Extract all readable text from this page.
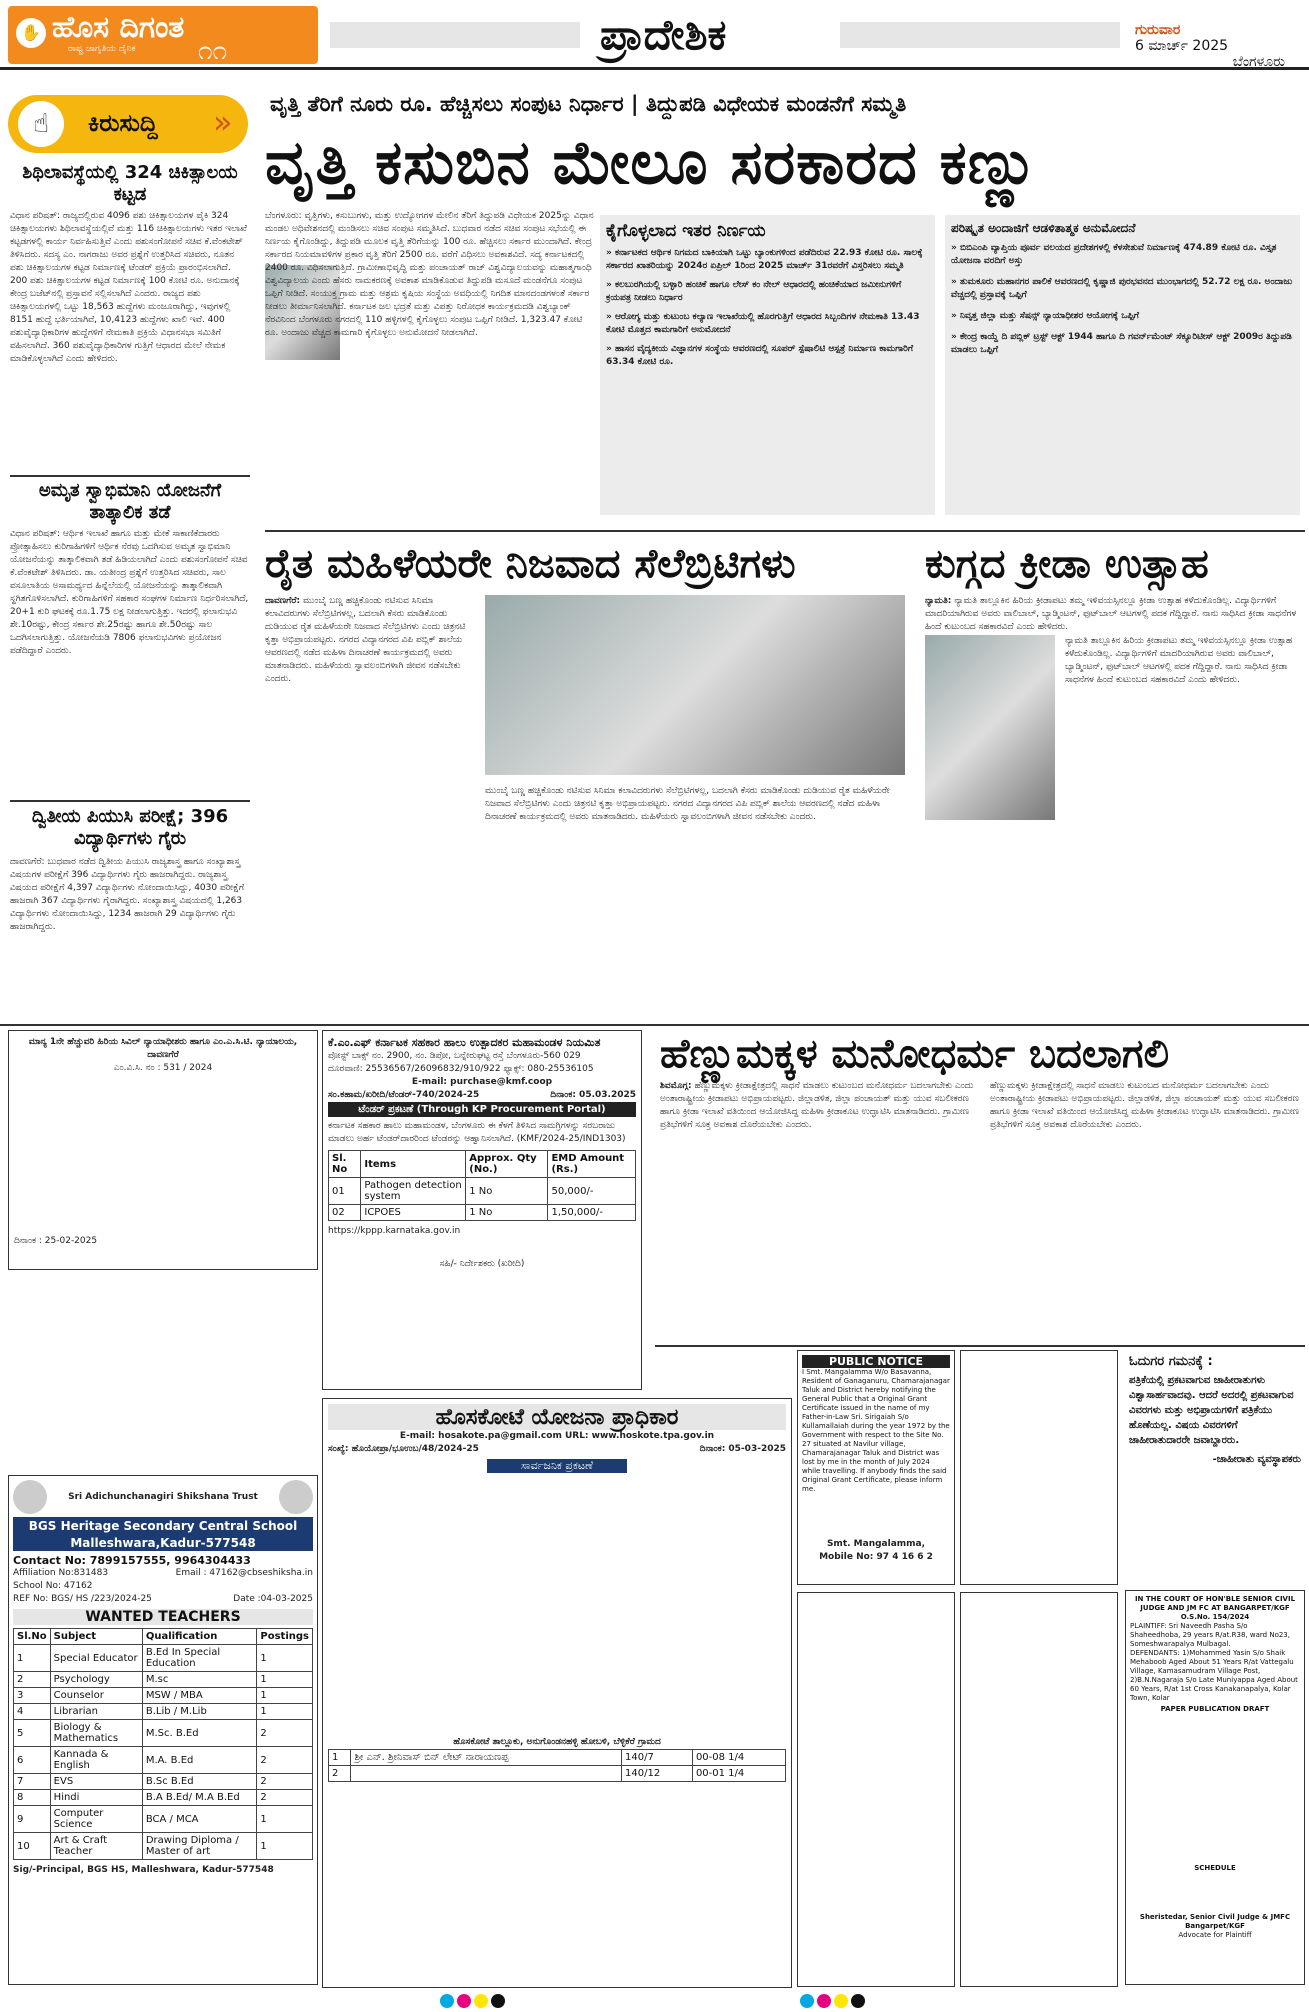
✋ ಹೊಸ ದಿಗಂತ
ರಾಷ್ಟ್ರ ಜಾಗೃತಿಯ ದೈನಿಕ ೧೧	ಪ್ರಾದೇಶಿಕ	ಗುರುವಾರ
6 ಮಾರ್ಚ್ 2025
ಬೆಂಗಳೂರು
☝	ಕಿರುಸುದ್ದಿ »
ಶಿಥಿಲಾವಸ್ಥೆಯಲ್ಲಿ 324 ಚಿಕಿತ್ಸಾಲಯ ಕಟ್ಟಡ
ವಿಧಾನ ಪರಿಷತ್: ರಾಜ್ಯದಲ್ಲಿರುವ 4096 ಪಶು ಚಿಕಿತ್ಸಾಲಯಗಳ ಪೈಕಿ 324 ಚಿಕಿತ್ಸಾಲಯಗಳು ಶಿಥಿಲಾವಸ್ಥೆಯಲ್ಲಿವೆ ಮತ್ತು 116 ಚಿಕಿತ್ಸಾಲಯಗಳು ಇತರ ಇಲಾಖೆ ಕಟ್ಟಡಗಳಲ್ಲಿ ಕಾರ್ಯ ನಿರ್ವಹಿಸುತ್ತಿವೆ ಎಂದು ಪಶುಸಂಗೋಪನೆ ಸಚಿವ ಕೆ.ವೆಂಕಟೇಶ್ ತಿಳಿಸಿದರು. ಸದಸ್ಯ ಎಂ. ನಾಗರಾಜು ಅವರ ಪ್ರಶ್ನೆಗೆ ಉತ್ತರಿಸಿದ ಸಚಿವರು, ನೂತನ ಪಶು ಚಿಕಿತ್ಸಾಲಯಗಳ ಕಟ್ಟಡ ನಿರ್ಮಾಣಕ್ಕೆ ಟೆಂಡರ್ ಪ್ರಕ್ರಿಯೆ ಪ್ರಾರಂಭಿಸಲಾಗಿದೆ. 200 ಪಶು ಚಿಕಿತ್ಸಾಲಯಗಳ ಕಟ್ಟಡ ನಿರ್ಮಾಣಕ್ಕೆ 100 ಕೋಟಿ ರೂ. ಅನುದಾನಕ್ಕೆ ಕೇಂದ್ರ ಬಜೆಟ್‌ನಲ್ಲಿ ಪ್ರಸ್ತಾವನೆ ಸಲ್ಲಿಸಲಾಗಿದೆ ಎಂದರು. ರಾಜ್ಯದ ಪಶು ಚಿಕಿತ್ಸಾಲಯಗಳಲ್ಲಿ ಒಟ್ಟು 18,563 ಹುದ್ದೆಗಳು ಮಂಜೂರಾಗಿದ್ದು, ಇವುಗಳಲ್ಲಿ 8151 ಹುದ್ದೆ ಭರ್ತಿಯಾಗಿವೆ, 10,4123 ಹುದ್ದೆಗಳು ಖಾಲಿ ಇವೆ. 400 ಪಶುವೈದ್ಯಾಧಿಕಾರಿಗಳ ಹುದ್ದೆಗಳಿಗೆ ನೇಮಕಾತಿ ಪ್ರಕ್ರಿಯೆ ವಿಧಾನಸಭಾ ಸಮಿತಿಗೆ ವಹಿಸಲಾಗಿದೆ. 360 ಪಶುವೈದ್ಯಾಧಿಕಾರಿಗಳ ಗುತ್ತಿಗೆ ಆಧಾರದ ಮೇಲೆ ನೇಮಕ ಮಾಡಿಕೊಳ್ಳಲಾಗಿದೆ ಎಂದು ಹೇಳಿದರು.
ಅಮೃತ ಸ್ವಾಭಿಮಾನಿ ಯೋಜನೆಗೆ ತಾತ್ಕಾಲಿಕ ತಡೆ
ವಿಧಾನ ಪರಿಷತ್: ಆರ್ಥಿಕ ಇಲಾಖೆ ಹಾಗೂ ಮತ್ತು ಮೇಕೆ ಸಾಕಾಣಿಕೆದಾರರು ಪ್ರೋತ್ಸಾಹಿಸಲು ಕುರಿಗಾಹಿಗಳಿಗೆ ಆರ್ಥಿಕ ನೆರವು ಒದಗಿಸುವ ಅಮೃತ ಸ್ವಾಭಿಮಾನಿ ಯೋಜನೆಯನ್ನು ತಾತ್ಕಾಲಿಕವಾಗಿ ತಡೆ ಹಿಡಿಯಲಾಗಿದೆ ಎಂದು ಪಶುಸಂಗೋಪನೆ ಸಚಿವ ಕೆ.ವೆಂಕಟೇಶ್ ತಿಳಿಸಿದರು. ಡಾ. ಯತೀಂದ್ರ ಪ್ರಶ್ನೆಗೆ ಉತ್ತರಿಸಿದ ಸಚಿವರು, ಸಾಲ ವಸೂಲಾತಿಯ ಅಸಾಮರ್ಥ್ಯದ ಹಿನ್ನೆಲೆಯಲ್ಲಿ ಯೋಜನೆಯನ್ನು ತಾತ್ಕಾಲಿಕವಾಗಿ ಸ್ಥಗಿತಗೊಳಿಸಲಾಗಿದೆ. ಕುರಿಗಾಹಿಗಳಿಗೆ ಸಹಕಾರ ಸಂಘಗಳ ನಿರ್ಮಾಣ ನಿರ್ಧರಿಸಲಾಗಿದೆ, 20+1 ಕುರಿ ಘಟಕಕ್ಕೆ ರೂ.1.75 ಲಕ್ಷ ನೀಡಲಾಗುತ್ತಿತ್ತು. ಇದರಲ್ಲಿ ಫಲಾನುಭವಿ ಶೇ.10ರಷ್ಟು, ಕೇಂದ್ರ ಸರ್ಕಾರ ಶೇ.25ರಷ್ಟು ಹಾಗೂ ಶೇ.50ರಷ್ಟು ಸಾಲ ಒದಗಿಸಲಾಗುತ್ತಿತ್ತು. ಯೋಜನೆಯಡಿ 7806 ಫಲಾನುಭವಿಗಳು ಪ್ರಯೋಜನ ಪಡೆದಿದ್ದಾರೆ ಎಂದರು.
ದ್ವಿತೀಯ ಪಿಯುಸಿ ಪರೀಕ್ಷೆ; 396 ವಿದ್ಯಾರ್ಥಿಗಳು ಗೈರು
ದಾವಣಗೆರೆ: ಬುಧವಾರ ನಡೆದ ದ್ವಿತೀಯ ಪಿಯುಸಿ ರಾಜ್ಯಶಾಸ್ತ್ರ ಹಾಗೂ ಸಂಖ್ಯಾಶಾಸ್ತ್ರ ವಿಷಯಗಳ ಪರೀಕ್ಷೆಗೆ 396 ವಿದ್ಯಾರ್ಥಿಗಳು ಗೈರು ಹಾಜರಾಗಿದ್ದರು. ರಾಜ್ಯಶಾಸ್ತ್ರ ವಿಷಯದ ಪರೀಕ್ಷೆಗೆ 4,397 ವಿದ್ಯಾರ್ಥಿಗಳು ನೋಂದಾಯಿಸಿದ್ದು, 4030 ಪರೀಕ್ಷೆಗೆ ಹಾಜರಾಗಿ 367 ವಿದ್ಯಾರ್ಥಿಗಳು ಗೈರಾಗಿದ್ದರು. ಸಂಖ್ಯಾಶಾಸ್ತ್ರ ವಿಷಯದಲ್ಲಿ 1,263 ವಿದ್ಯಾರ್ಥಿಗಳು ನೋಂದಾಯಿಸಿದ್ದು, 1234 ಹಾಜರಾಗಿ 29 ವಿದ್ಯಾರ್ಥಿಗಳು ಗೈರು ಹಾಜರಾಗಿದ್ದರು.
ವೃತ್ತಿ ತೆರಿಗೆ ನೂರು ರೂ. ಹೆಚ್ಚಿಸಲು ಸಂಪುಟ ನಿರ್ಧಾರ | ತಿದ್ದುಪಡಿ ವಿಧೇಯಕ ಮಂಡನೆಗೆ ಸಮ್ಮತಿ
ವೃತ್ತಿ ಕಸುಬಿನ ಮೇಲೂ ಸರಕಾರದ ಕಣ್ಣು
ಬೆಂಗಳೂರು: ವೃತ್ತಿಗಳು, ಕಸುಬುಗಳು, ಮತ್ತು ಉದ್ಯೋಗಗಳ ಮೇಲಿನ ತೆರಿಗೆ ತಿದ್ದುಪಡಿ ವಿಧೇಯಕ 2025ನ್ನು ವಿಧಾನ ಮಂಡಲ ಅಧಿವೇಶನದಲ್ಲಿ ಮಂಡಿಸಲು ಸಚಿವ ಸಂಪುಟ ಸಮ್ಮತಿಸಿದೆ. ಬುಧವಾರ ನಡೆದ ಸಚಿವ ಸಂಪುಟ ಸಭೆಯಲ್ಲಿ ಈ ನಿರ್ಣಯ ಕೈಗೊಂಡಿದ್ದು, ತಿದ್ದುಪಡಿ ಮೂಲಕ ವೃತ್ತಿ ತೆರಿಗೆಯನ್ನು 100 ರೂ. ಹೆಚ್ಚಿಸಲು ಸರ್ಕಾರ ಮುಂದಾಗಿದೆ. ಕೇಂದ್ರ ಸರ್ಕಾರದ ನಿಯಮಾವಳಿಗಳ ಪ್ರಕಾರ ವೃತ್ತಿ ತೆರಿಗೆ 2500 ರೂ. ವರೆಗೆ ವಿಧಿಸಲು ಅವಕಾಶವಿದೆ. ಸದ್ಯ ಕರ್ನಾಟಕದಲ್ಲಿ 2400 ರೂ. ವಿಧಿಸಲಾಗುತ್ತಿದೆ. ಗ್ರಾಮೀಣಾಭಿವೃದ್ಧಿ ಮತ್ತು ಪಂಚಾಯತ್ ರಾಜ್ ವಿಶ್ವವಿದ್ಯಾಲಯವನ್ನು ಮಹಾತ್ಮಗಾಂಧಿ ವಿಶ್ವವಿದ್ಯಾಲಯ ಎಂದು ಹೆಸರು ನಾಮಕರಣಕ್ಕೆ ಅವಕಾಶ ಮಾಡಿಕೊಡುವ ತಿದ್ದುಪಡಿ ಮಸೂದೆ ಮಂಡನೆಗೂ ಸಂಪುಟ ಒಪ್ಪಿಗೆ ನೀಡಿದೆ. ಸಂಯುಕ್ತ ಗ್ರಾಮ ಮತ್ತು ಆಶ್ರಮ ಕೃಷಿಯ ಸಂಸ್ಥೆಯ ಅವಧಿಯಲ್ಲಿ ನಿಗದಿತ ಮಾನದಂಡಗಳಂತೆ ಸರ್ಕಾರ ನೀಡಲು ತೀರ್ಮಾನಿಸಲಾಗಿದೆ. ಕರ್ನಾಟಕ ಜಲ ಭದ್ರತೆ ಮತ್ತು ವಿಪತ್ತು ನಿರೋಧಕ ಕಾರ್ಯಕ್ರಮದಡಿ ವಿಶ್ವಬ್ಯಾಂಕ್ ನೆರವಿನಿಂದ ಬೆಂಗಳೂರು ನಗರದಲ್ಲಿ 110 ಹಳ್ಳಿಗಳಲ್ಲಿ ಕೈಗೊಳ್ಳಲು ಸಂಪುಟ ಒಪ್ಪಿಗೆ ನೀಡಿದೆ. 1,323.47 ಕೋಟಿ ರೂ. ಅಂದಾಜು ವೆಚ್ಚದ ಕಾಮಗಾರಿ ಕೈಗೊಳ್ಳಲು ಅನುಮೋದನೆ ನೀಡಲಾಗಿದೆ.
ಕೈಗೊಳ್ಳಲಾದ ಇತರ ನಿರ್ಣಯ
» ಕರ್ನಾಟಕದ ಆರ್ಥಿಕ ನಿಗಮದ ಬಾಕಿಯಾಗಿ ಒಟ್ಟು ಬ್ಯಾಂಕುಗಳಿಂದ ಪಡೆದಿರುವ 22.93 ಕೋಟಿ ರೂ. ಸಾಲಕ್ಕೆ ಸರ್ಕಾರದ ಖಾತರಿಯನ್ನು 2024ರ ಏಪ್ರಿಲ್ 1ರಿಂದ 2025 ಮಾರ್ಚ್ 31ರವರೆಗೆ ವಿಸ್ತರಿಸಲು ಸಮ್ಮತಿ
» ಕಲಬುರಗಿಯಲ್ಲಿ ಬಳ್ಳಾರಿ ಹಂಚಿಕೆ ಹಾಗೂ ಲೇಸ್ ಕಂ ನೇಲ್ ಆಧಾರದಲ್ಲಿ ಹಂಚಿಕೆಯಾದ ಜಮೀನುಗಳಿಗೆ ಕ್ರಯಪತ್ರ ನೀಡಲು ನಿರ್ಧಾರ
» ಆರೋಗ್ಯ ಮತ್ತು ಕುಟುಂಬ ಕಲ್ಯಾಣ ಇಲಾಖೆಯಲ್ಲಿ ಹೊರಗುತ್ತಿಗೆ ಆಧಾರದ ಸಿಬ್ಬಂದಿಗಳ ನೇಮಕಾತಿ 13.43 ಕೋಟಿ ಮೊತ್ತದ ಕಾಮಗಾರಿಗೆ ಅನುಮೋದನೆ
» ಹಾಸನ ವೈದ್ಯಕೀಯ ವಿಜ್ಞಾನಗಳ ಸಂಸ್ಥೆಯ ಆವರಣದಲ್ಲಿ ಸೂಪರ್ ಸ್ಪೆಷಾಲಿಟಿ ಆಸ್ಪತ್ರೆ ನಿರ್ಮಾಣ ಕಾಮಗಾರಿಗೆ 63.34 ಕೋಟಿ ರೂ.
ಪರಿಷ್ಕೃತ ಅಂದಾಜಿಗೆ ಆಡಳಿತಾತ್ಮಕ ಅನುಮೋದನೆ
» ಬಿಬಿಎಂಪಿ ವ್ಯಾಪ್ತಿಯ ಪೂರ್ವ ವಲಯದ ಪ್ರದೇಶಗಳಲ್ಲಿ ಕೆಳಸೇತುವೆ ನಿರ್ಮಾಣಕ್ಕೆ 474.89 ಕೋಟಿ ರೂ. ವಿಸ್ತೃತ ಯೋಜನಾ ವರದಿಗೆ ಅಸ್ತು
» ತುಮಕೂರು ಮಹಾನಗರ ಪಾಲಿಕೆ ಆವರಣದಲ್ಲಿ ಕೃಷ್ಣಾಜಿ ಪುರಭವನದ ಮುಂಭಾಗದಲ್ಲಿ 52.72 ಲಕ್ಷ ರೂ. ಅಂದಾಜು ವೆಚ್ಚದಲ್ಲಿ ಪ್ರಸ್ತಾವಕ್ಕೆ ಒಪ್ಪಿಗೆ
» ನಿವೃತ್ತ ಜಿಲ್ಲಾ ಮತ್ತು ಸೆಷನ್ಸ್ ನ್ಯಾಯಾಧೀಶರ ಆಯೋಗಕ್ಕೆ ಒಪ್ಪಿಗೆ
» ಕೇಂದ್ರ ಕಾಯ್ದೆ ದಿ ಪಬ್ಲಿಕ್ ಟ್ರಸ್ಟ್ ಆಕ್ಟ್ 1944 ಹಾಗೂ ದಿ ಗವರ್ನ್‌ಮೆಂಟ್ ಸೆಕ್ಯೂರಿಟೀಸ್ ಆಕ್ಟ್ 2009ರ ತಿದ್ದುಪಡಿ ಮಾಡಲು ಒಪ್ಪಿಗೆ
ರೈತ ಮಹಿಳೆಯರೇ ನಿಜವಾದ ಸೆಲೆಬ್ರಿಟಿಗಳು
ದಾವಣಗೆರೆ: ಮುಂಬೈ ಬಣ್ಣ ಹಚ್ಚಿಕೊಂಡು ನಟಿಸುವ ಸಿನಿಮಾ ಕಲಾವಿದರುಗಳು ಸೆಲೆಬ್ರಿಟಿಗಳಲ್ಲ, ಬದಲಾಗಿ ಕೆಸರು ಮಾಡಿಕೊಂಡು ದುಡಿಯುವ ರೈತ ಮಹಿಳೆಯರೇ ನಿಜವಾದ ಸೆಲೆಬ್ರಿಟಿಗಳು ಎಂದು ಚಿತ್ರನಟಿ ಕೃತ್ತಾ ಅಭಿಪ್ರಾಯಪಟ್ಟರು. ನಗರದ ವಿದ್ಯಾನಗರದ ವಿಪಿ ಪಬ್ಲಿಕ್ ಶಾಲೆಯ ಆವರಣದಲ್ಲಿ ನಡೆದ ಮಹಿಳಾ ದಿನಾಚರಣೆ ಕಾರ್ಯಕ್ರಮದಲ್ಲಿ ಅವರು ಮಾತನಾಡಿದರು. ಮಹಿಳೆಯರು ಸ್ವಾವಲಂಬಿಗಳಾಗಿ ಜೀವನ ನಡೆಸಬೇಕು ಎಂದರು.
ಮುಂಬೈ ಬಣ್ಣ ಹಚ್ಚಿಕೊಂಡು ನಟಿಸುವ ಸಿನಿಮಾ ಕಲಾವಿದರುಗಳು ಸೆಲೆಬ್ರಿಟಿಗಳಲ್ಲ, ಬದಲಾಗಿ ಕೆಸರು ಮಾಡಿಕೊಂಡು ದುಡಿಯುವ ರೈತ ಮಹಿಳೆಯರೇ ನಿಜವಾದ ಸೆಲೆಬ್ರಿಟಿಗಳು ಎಂದು ಚಿತ್ರನಟಿ ಕೃತ್ತಾ ಅಭಿಪ್ರಾಯಪಟ್ಟರು. ನಗರದ ವಿದ್ಯಾನಗರದ ವಿಪಿ ಪಬ್ಲಿಕ್ ಶಾಲೆಯ ಆವರಣದಲ್ಲಿ ನಡೆದ ಮಹಿಳಾ ದಿನಾಚರಣೆ ಕಾರ್ಯಕ್ರಮದಲ್ಲಿ ಅವರು ಮಾತನಾಡಿದರು. ಮಹಿಳೆಯರು ಸ್ವಾವಲಂಬಿಗಳಾಗಿ ಜೀವನ ನಡೆಸಬೇಕು ಎಂದರು.
ಕುಗ್ಗದ ಕ್ರೀಡಾ ಉತ್ಸಾಹ
ನ್ಯಾಮತಿ: ನ್ಯಾಮತಿ ತಾಲ್ಲೂಕಿನ ಹಿರಿಯ ಕ್ರೀಡಾಪಟು ತಮ್ಮ ಇಳಿವಯಸ್ಸಿನಲ್ಲೂ ಕ್ರೀಡಾ ಉತ್ಸಾಹ ಕಳೆದುಕೊಂಡಿಲ್ಲ. ವಿದ್ಯಾರ್ಥಿಗಳಿಗೆ ಮಾದರಿಯಾಗಿರುವ ಅವರು ವಾಲಿಬಾಲ್, ಬ್ಯಾಡ್ಮಿಂಟನ್, ಫುಟ್‌ಬಾಲ್ ಆಟಗಳಲ್ಲಿ ಪದಕ ಗೆದ್ದಿದ್ದಾರೆ. ನಾನು ಸಾಧಿಸಿದ ಕ್ರೀಡಾ ಸಾಧನೆಗಳ ಹಿಂದೆ ಕುಟುಂಬದ ಸಹಕಾರವಿದೆ ಎಂದು ಹೇಳಿದರು.
ನ್ಯಾಮತಿ ತಾಲ್ಲೂಕಿನ ಹಿರಿಯ ಕ್ರೀಡಾಪಟು ತಮ್ಮ ಇಳಿವಯಸ್ಸಿನಲ್ಲೂ ಕ್ರೀಡಾ ಉತ್ಸಾಹ ಕಳೆದುಕೊಂಡಿಲ್ಲ. ವಿದ್ಯಾರ್ಥಿಗಳಿಗೆ ಮಾದರಿಯಾಗಿರುವ ಅವರು ವಾಲಿಬಾಲ್, ಬ್ಯಾಡ್ಮಿಂಟನ್, ಫುಟ್‌ಬಾಲ್ ಆಟಗಳಲ್ಲಿ ಪದಕ ಗೆದ್ದಿದ್ದಾರೆ. ನಾನು ಸಾಧಿಸಿದ ಕ್ರೀಡಾ ಸಾಧನೆಗಳ ಹಿಂದೆ ಕುಟುಂಬದ ಸಹಕಾರವಿದೆ ಎಂದು ಹೇಳಿದರು.
ಮಾನ್ಯ 1ನೇ ಹೆಚ್ಚುವರಿ ಹಿರಿಯ ಸಿವಿಲ್ ನ್ಯಾಯಾಧೀಶರು ಹಾಗೂ ಎಂ.ಎ.ಸಿ.ಟಿ. ನ್ಯಾಯಾಲಯ, ದಾವಣಗೆರೆ
ಎಂ.ವಿ.ಸಿ. ನಂ : 531 / 2024
ದಿನಾಂಕ : 25-02-2025
ಕೆ.ಎಂ.ಎಫ್ ಕರ್ನಾಟಕ ಸಹಕಾರ ಹಾಲು ಉತ್ಪಾದಕರ ಮಹಾಮಂಡಳ ನಿಯಮಿತ
ಪೋಸ್ಟ್ ಬಾಕ್ಸ್ ನಂ. 2900, ನಂ. ಡಿಪೋ, ಬನ್ನೇರುಘಟ್ಟ ರಸ್ತೆ ಬೆಂಗಳೂರು-560 029
ದೂರವಾಣಿ: 25536567/26096832/910/922 ಫ್ಯಾಕ್ಸ್: 080-25536105
E-mail: purchase@kmf.coop
ಸಂ.ಕಹಾಮ/ಖರೀದಿ/ಟೆಂಡರ್-740/2024-25	ದಿನಾಂಕ: 05.03.2025
ಟೆಂಡರ್ ಪ್ರಕಟಣೆ (Through KP Procurement Portal)
ಕರ್ನಾಟಕ ಸಹಕಾರ ಹಾಲು ಮಹಾಮಂಡಳ, ಬೆಂಗಳೂರು ಈ ಕೆಳಗೆ ತಿಳಿಸಿದ ಸಾಮಗ್ರಿಗಳನ್ನು ಸರಬರಾಜು ಮಾಡಲು ಅರ್ಹ ಟೆಂಡರ್‌ದಾರರಿಂದ ಟೆಂಡರನ್ನು ಆಹ್ವಾನಿಸಲಾಗಿದೆ. (KMF/2024-25/IND1303)
Sl. No	Items	Approx. Qty (No.)	EMD Amount (Rs.)
01	Pathogen detection system	1 No	50,000/-
02	ICPOES	1 No	1,50,000/-
https://kppp.karnataka.gov.in
ಸಹಿ/- ನಿರ್ದೇಶಕರು (ಖರೀದಿ)
ಹೆಣ್ಣುಮಕ್ಕಳ ಮನೋಧರ್ಮ ಬದಲಾಗಲಿ
ಶಿವಮೊಗ್ಗ: ಹೆಣ್ಣುಮಕ್ಕಳು ಕ್ರೀಡಾಕ್ಷೇತ್ರದಲ್ಲಿ ಸಾಧನೆ ಮಾಡಲು ಕುಟುಂಬದ ಮನೋಧರ್ಮ ಬದಲಾಗಬೇಕು ಎಂದು ಅಂತಾರಾಷ್ಟ್ರೀಯ ಕ್ರೀಡಾಪಟು ಅಭಿಪ್ರಾಯಪಟ್ಟರು. ಜಿಲ್ಲಾಡಳಿತ, ಜಿಲ್ಲಾ ಪಂಚಾಯತ್ ಮತ್ತು ಯುವ ಸಬಲೀಕರಣ ಹಾಗೂ ಕ್ರೀಡಾ ಇಲಾಖೆ ವತಿಯಿಂದ ಆಯೋಜಿಸಿದ್ದ ಮಹಿಳಾ ಕ್ರೀಡಾಕೂಟ ಉದ್ಘಾಟಿಸಿ ಮಾತನಾಡಿದರು. ಗ್ರಾಮೀಣ ಪ್ರತಿಭೆಗಳಿಗೆ ಸೂಕ್ತ ಅವಕಾಶ ದೊರೆಯಬೇಕು ಎಂದರು.
ಹೆಣ್ಣುಮಕ್ಕಳು ಕ್ರೀಡಾಕ್ಷೇತ್ರದಲ್ಲಿ ಸಾಧನೆ ಮಾಡಲು ಕುಟುಂಬದ ಮನೋಧರ್ಮ ಬದಲಾಗಬೇಕು ಎಂದು ಅಂತಾರಾಷ್ಟ್ರೀಯ ಕ್ರೀಡಾಪಟು ಅಭಿಪ್ರಾಯಪಟ್ಟರು. ಜಿಲ್ಲಾಡಳಿತ, ಜಿಲ್ಲಾ ಪಂಚಾಯತ್ ಮತ್ತು ಯುವ ಸಬಲೀಕರಣ ಹಾಗೂ ಕ್ರೀಡಾ ಇಲಾಖೆ ವತಿಯಿಂದ ಆಯೋಜಿಸಿದ್ದ ಮಹಿಳಾ ಕ್ರೀಡಾಕೂಟ ಉದ್ಘಾಟಿಸಿ ಮಾತನಾಡಿದರು. ಗ್ರಾಮೀಣ ಪ್ರತಿಭೆಗಳಿಗೆ ಸೂಕ್ತ ಅವಕಾಶ ದೊರೆಯಬೇಕು ಎಂದರು.
Sri Adichunchanagiri Shikshana Trust
BGS Heritage Secondary Central School
Malleshwara,Kadur-577548
Contact No: 7899157555, 9964304433
Affiliation No:831483	Email : 47162@cbseshiksha.in
School No: 47162
REF No: BGS/ HS /223/2024-25	Date :04-03-2025
WANTED TEACHERS
Sl.No	Subject	Qualification	Postings
1	Special Educator	B.Ed In Special Education	1
2	Psychology	M.sc	1
3	Counselor	MSW / MBA	1
4	Librarian	B.Lib / M.Lib	1
5	Biology & Mathematics	M.Sc. B.Ed	2
6	Kannada & English	M.A. B.Ed	2
7	EVS	B.Sc B.Ed	2
8	Hindi	B.A B.Ed/ M.A B.Ed	2
9	Computer Science	BCA / MCA	1
10	Art & Craft Teacher	Drawing Diploma / Master of art	1
Sig/-Principal, BGS HS, Malleshwara, Kadur-577548
ಹೊಸಕೋಟೆ ಯೋಜನಾ ಪ್ರಾಧಿಕಾರ
E-mail: hosakote.pa@gmail.com URL: www.hoskote.tpa.gov.in
ಸಂಖ್ಯೆ: ಹೊಯೋಪ್ರಾ/ಭೂಉಬ/48/2024-25	ದಿನಾಂಕ: 05-03-2025
ಸಾರ್ವಜನಿಕ ಪ್ರಕಟಣೆ
ಹೊಸಕೋಟೆ ತಾಲ್ಲೂಕು, ಅನುಗೊಂಡನಹಳ್ಳಿ ಹೋಬಳಿ, ಬೆಳ್ಳಿಕೆರೆ ಗ್ರಾಮದ
1	ಶ್ರೀ ಎನ್. ಶ್ರೀನಿವಾಸ್ ಬಿನ್ ಲೇಟ್ ನಾರಾಯಣಪ್ಪ	140/7	00-08 1/4
2		140/12	00-01 1/4
PUBLIC NOTICE
I Smt. Mangalamma W/o Basavanna, Resident of Ganaganuru, Chamarajanagar Taluk and District hereby notifying the General Public that a Original Grant Certificate issued in the name of my Father-in-Law Sri. Sirigaiah S/o Kullamallaiah during the year 1972 by the Government with respect to the Site No. 27 situated at Navilur village, Chamarajanagar Taluk and District was lost by me in the month of July 2024 while travelling. If anybody finds the said Original Grant Certificate, please inform me.
Smt. Mangalamma,
Mobile No: 97 4 16 6 2
ಓದುಗರ ಗಮನಕ್ಕೆ :
ಪತ್ರಿಕೆಯಲ್ಲಿ ಪ್ರಕಟವಾಗುವ ಜಾಹೀರಾತುಗಳು ವಿಶ್ವಾಸಾರ್ಹವಾದವು. ಆದರೆ ಅದರಲ್ಲಿ ಪ್ರಕಟವಾಗುವ ವಿವರಗಳು ಮತ್ತು ಅಭಿಪ್ರಾಯಗಳಿಗೆ ಪತ್ರಿಕೆಯು ಹೊಣೆಯಲ್ಲ. ವಿಷಯ ವಿವರಗಳಿಗೆ ಜಾಹೀರಾತುದಾರರೇ ಜವಾಬ್ದಾರರು.
-ಜಾಹೀರಾತು ವ್ಯವಸ್ಥಾಪಕರು
IN THE COURT OF HON'BLE SENIOR CIVIL JUDGE AND JM FC AT BANGARPET/KGF
O.S.No. 154/2024
PLAINTIFF: Sri Naveedh Pasha S/o Shaheedhoba, 29 years R/at.R38, ward No23, Someshwarapalya Mulbagal.
DEFENDANTS: 1)Mohammed Yasin S/o Shaik Mehaboob Aged About 51 Years R/at Vattegalu Village, Kamasamudram Village Post, 2)B.N.Nagaraja S/o Late Muniyappa Aged About 60 Years, R/at 1st Cross Kanakanapalya, Kolar Town, Kolar
PAPER PUBLICATION DRAFT
SCHEDULE
Sheristedar, Senior Civil Judge & JMFC Bangarpet/KGF
Advocate for Plaintiff
